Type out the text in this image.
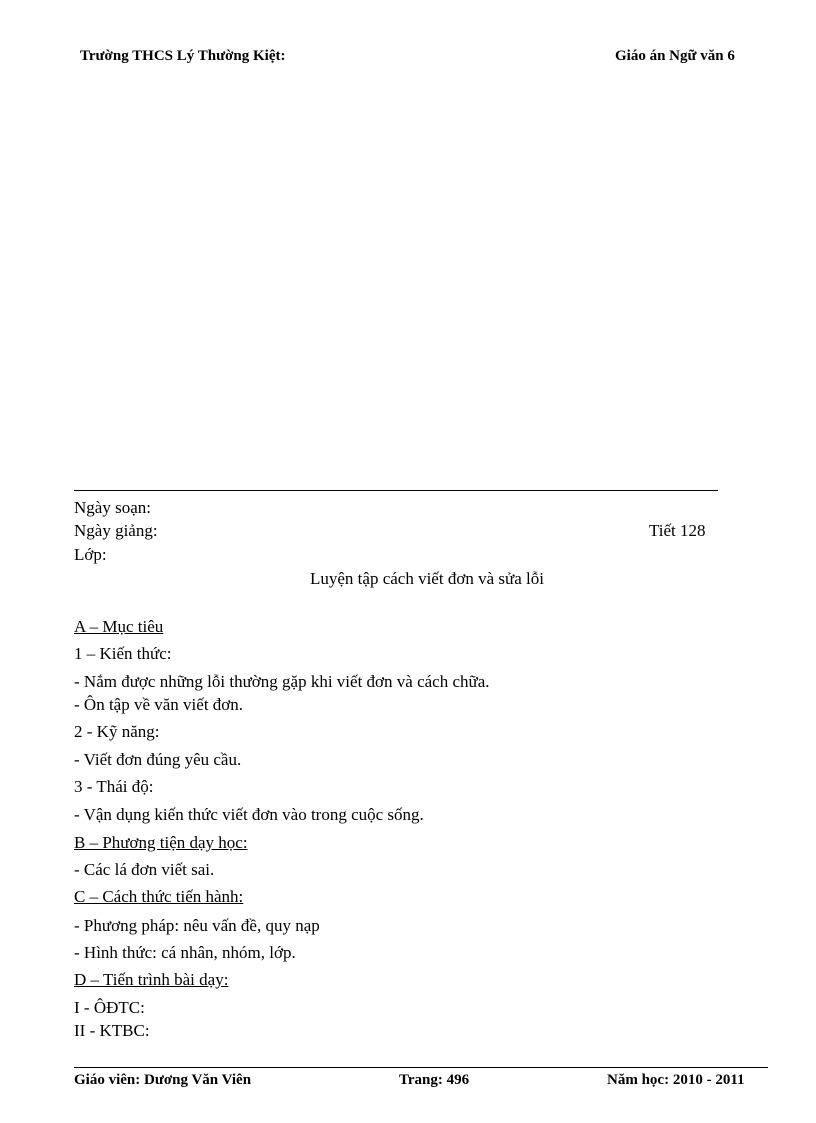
Trường THCS Lý Thường Kiệt:	Giáo án Ngữ văn 6
Ngày soạn:
Ngày giảng:	Tiết 128
Lớp:
Luyện tập cách viết đơn và sửa lỗi
A – Mục tiêu
1 – Kiến thức:
- Nắm được những lỗi thường gặp khi viết đơn và cách chữa.
- Ôn tập về văn viết đơn.
2 - Kỹ năng:
- Viết đơn đúng yêu cầu.
3 - Thái độ:
- Vận dụng kiến thức viết đơn vào trong cuộc sống.
B – Phương tiện dạy học:
- Các lá đơn viết sai.
C – Cách thức tiến hành:
- Phương pháp: nêu vấn đề, quy nạp
- Hình thức: cá nhân, nhóm, lớp.
D – Tiến trình bài dạy:
I - ÔĐTC:
II - KTBC:
Giáo viên: Dương Văn Viên	Trang: 496	Năm học: 2010 - 2011
